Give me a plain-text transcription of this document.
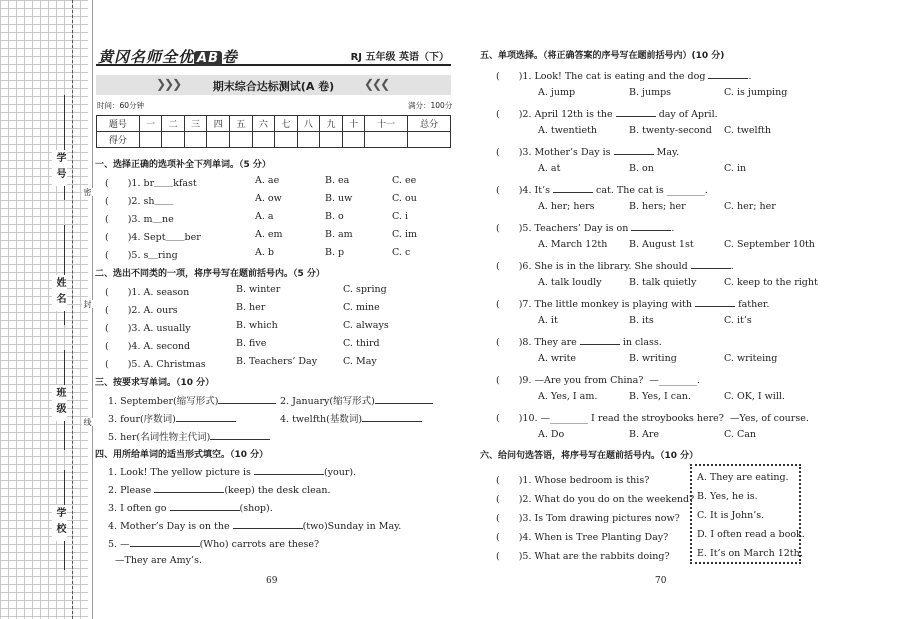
学号
姓名
班级
学校
密
封
线
黄冈名师全优 AB 卷	RJ 五年级 英语（下）
❯❯❯	期末综合达标测试(A 卷)	❮❮❮
时间：60分钟	满分：100分
题号	一	二	三	四	五	六	七	八	九	十	十一	总分
得分												
一、选择正确的选项补全下列单词。（5 分）
(　　)1. br＿＿kfast	A. ae	B. ea	C. ee
(　　)2. sh＿＿	A. ow	B. uw	C. ou
(　　)3. m＿ne	A. a	B. o	C. i
(　　)4. Sept＿＿ber	A. em	B. am	C. im
(　　)5. s＿ring	A. b	B. p	C. c
二、选出不同类的一项，将序号写在题前括号内。（5 分）
(　　)1. A. season	B. winter	C. spring
(　　)2. A. ours	B. her	C. mine
(　　)3. A. usually	B. which	C. always
(　　)4. A. second	B. five	C. third
(　　)5. A. Christmas	B. Teachers’ Day	C. May
三、按要求写单词。（10 分）
1. September(缩写形式)	2. January(缩写形式)
3. four(序数词)	4. twelfth(基数词)
5. her(名词性物主代词)
四、用所给单词的适当形式填空。（10 分）
1. Look! The yellow picture is	(your).
2. Please	(keep) the desk clean.
3. I often go	(shop).
4. Mother’s Day is on the	(two)Sunday in May.
5. —	(Who) carrots are these?
—They are Amy’s.
69
五、单项选择。（将正确答案的序号写在题前括号内）(10 分)
(　　)1. Look! The cat is eating and the dog	.
A. jump	B. jumps	C. is jumping
(　　)2. April 12th is the	day of April.
A. twentieth	B. twenty-second C. twelfth
(　　)3. Mother’s Day is	May.
A. at	B. on	C. in
(　　)4. It’s	cat. The cat is ________.
A. her; hers	B. hers; her	C. her; her
(　　)5. Teachers’ Day is on	.
A. March 12th B. August 1st	C. September 10th
(　　)6. She is in the library. She should	.
A. talk loudly	B. talk quietly	C. keep to the right
(　　)7. The little monkey is playing with	father.
A. it	B. its	C. it’s
(　　)8. They are	in class.
A. write	B. writing	C. writeing
(　　)9. —Are you from China? —________.
A. Yes, I am.	B. Yes, I can.	C. OK, I will.
(　　)10. —________ I read the stroybooks here? —Yes, of course.
A. Do	B. Are	C. Can
六、给问句选答语，将序号写在题前括号内。（10 分）
(　　)1. Whose bedroom is this?
(　　)2. What do you do on the weekend?
(　　)3. Is Tom drawing pictures now?
(　　)4. When is Tree Planting Day?
(　　)5. What are the rabbits doing?
A. They are eating.
B. Yes, he is.
C. It is John’s.
D. I often read a book.
E. It’s on March 12th.
70
